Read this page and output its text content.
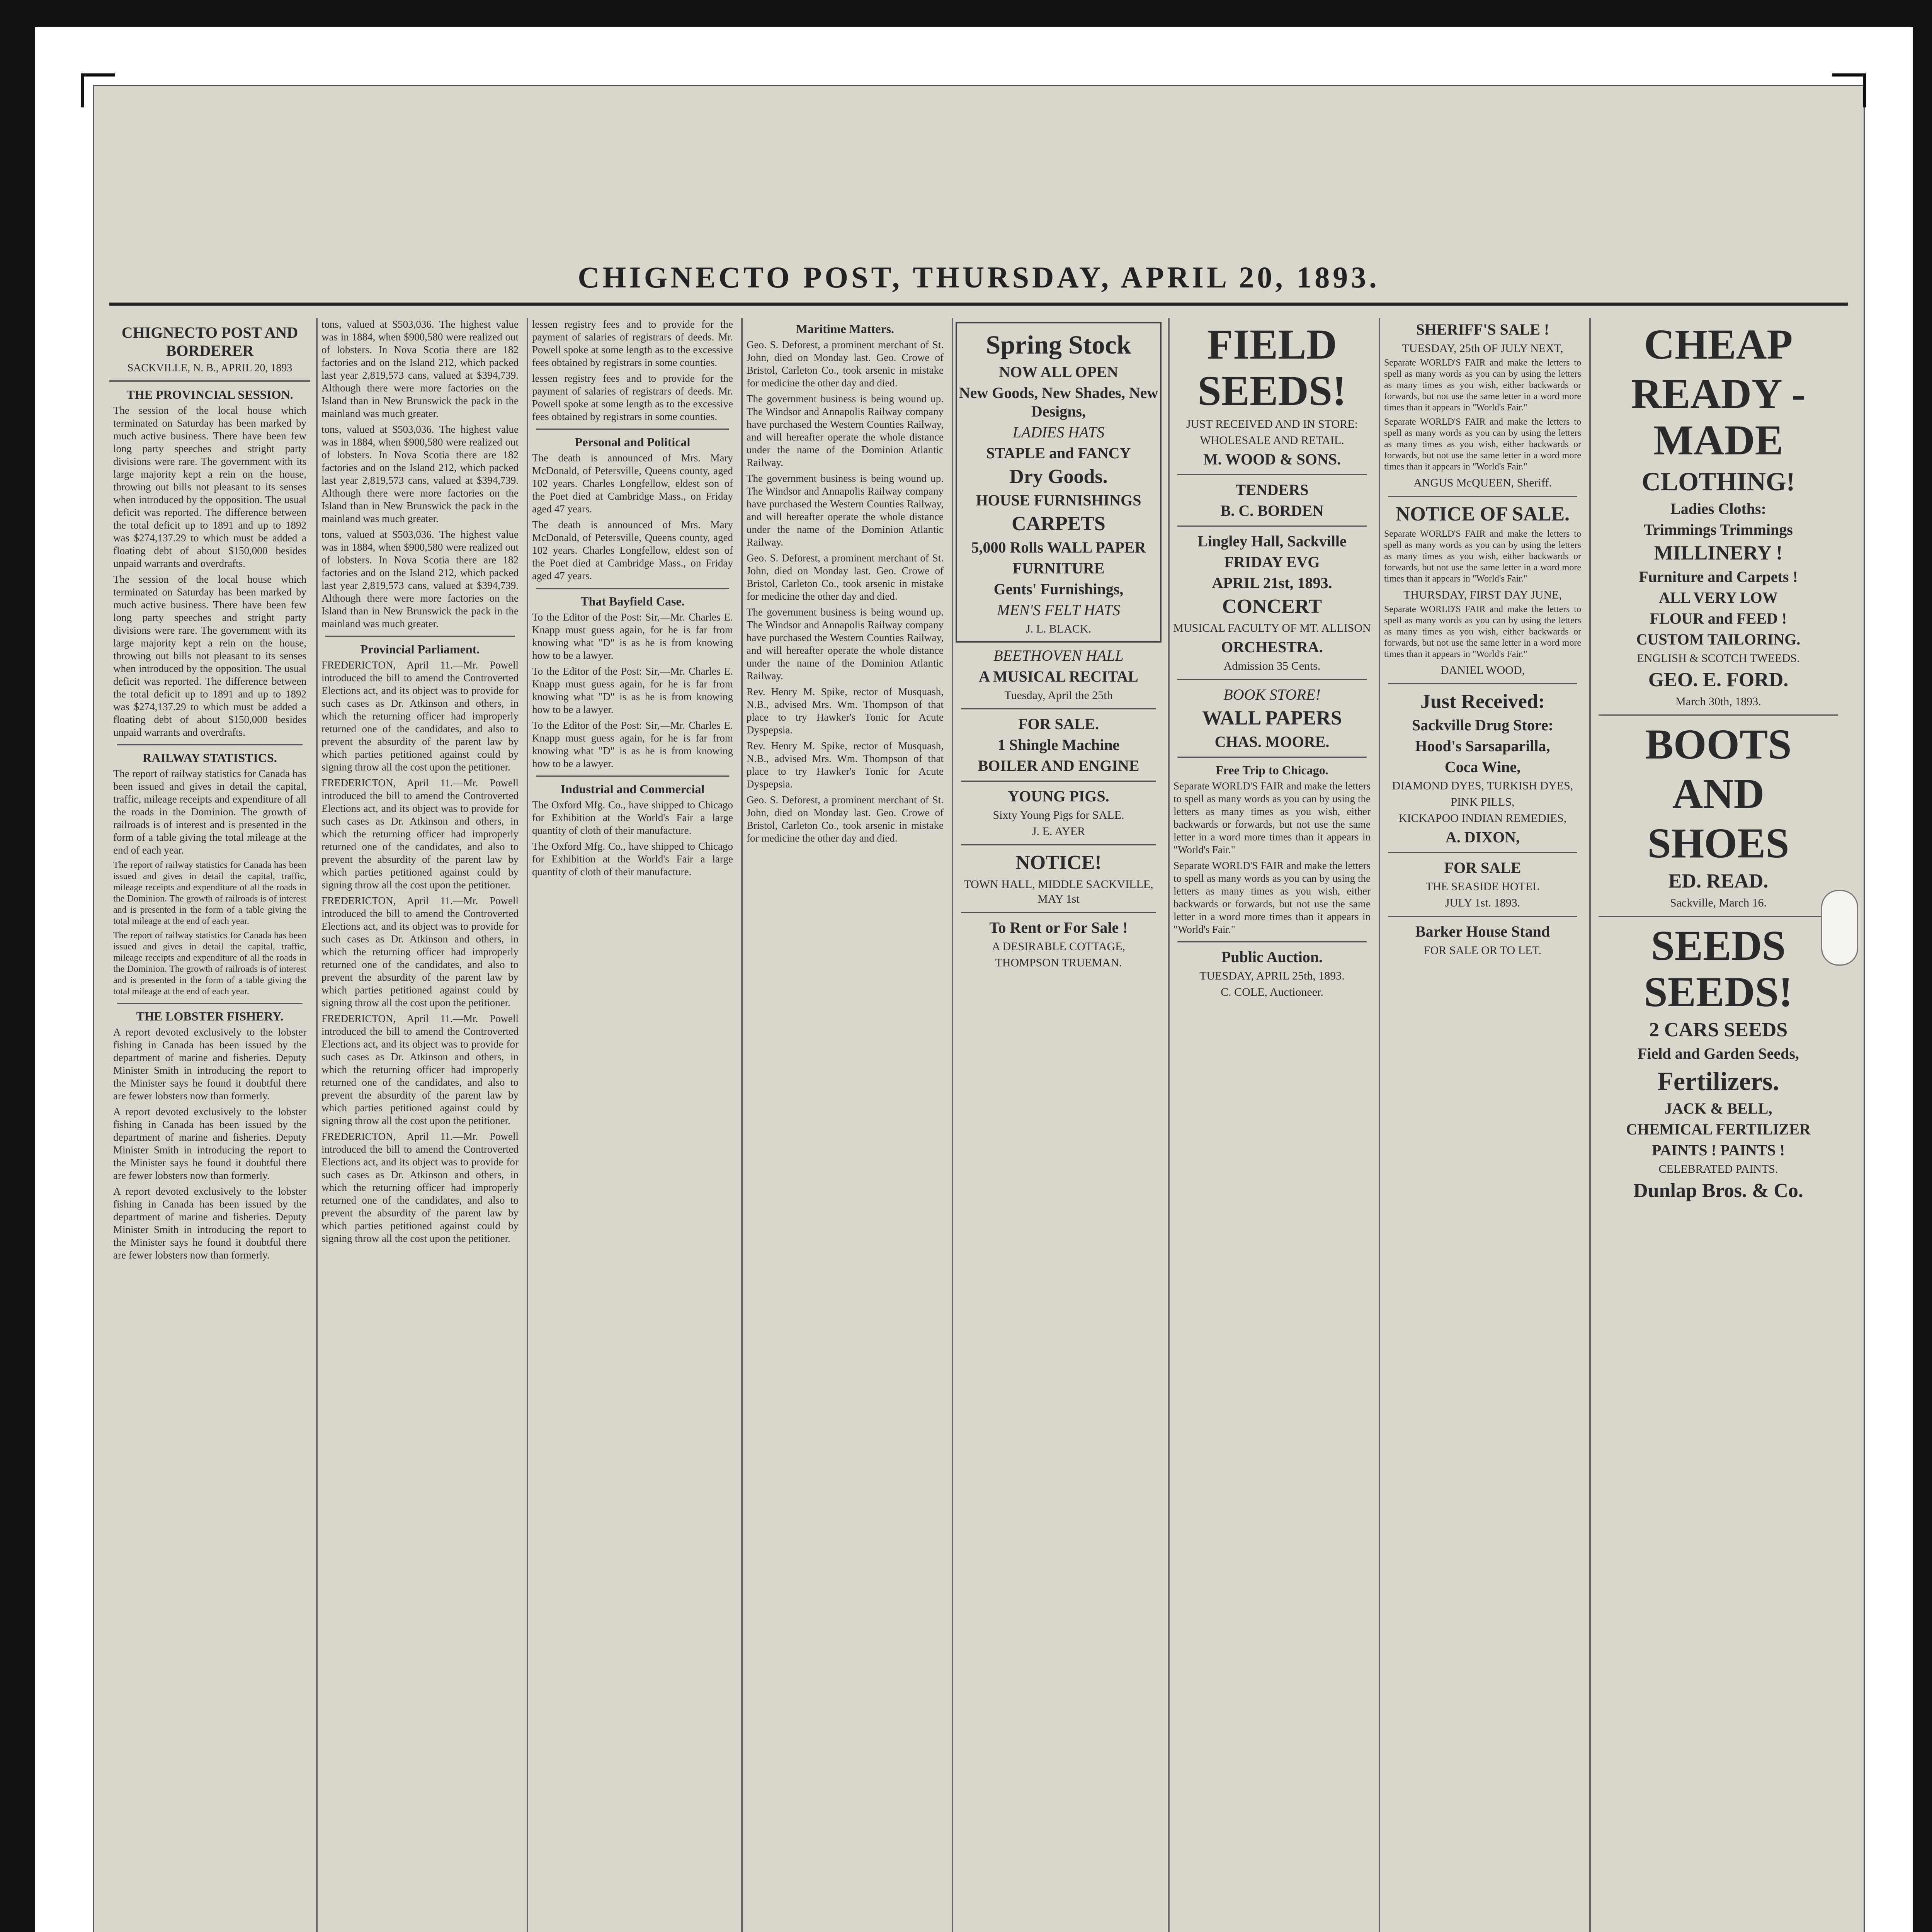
CHIGNECTO POST, THURSDAY, APRIL 20, 1893.
CHIGNECTO POST AND BORDERER
SACKVILLE, N. B., APRIL 20, 1893
THE PROVINCIAL SESSION.

The session of the local house which terminated on Saturday has been marked by much active business. There have been few long party speeches and stright party divisions were rare. The government with its large majority kept a rein on the house, throwing out bills not pleasant to its senses when introduced by the opposition. The usual deficit was reported. The difference between the total deficit up to 1891 and up to 1892 was $274,137.29 to which must be added a floating debt of about $150,000 besides unpaid warrants and overdrafts.

The session of the local house which terminated on Saturday has been marked by much active business. There have been few long party speeches and stright party divisions were rare. The government with its large majority kept a rein on the house, throwing out bills not pleasant to its senses when introduced by the opposition. The usual deficit was reported. The difference between the total deficit up to 1891 and up to 1892 was $274,137.29 to which must be added a floating debt of about $150,000 besides unpaid warrants and overdrafts.

RAILWAY STATISTICS.

The report of railway statistics for Canada has been issued and gives in detail the capital, traffic, mileage receipts and expenditure of all the roads in the Dominion. The growth of railroads is of interest and is presented in the form of a table giving the total mileage at the end of each year.

The report of railway statistics for Canada has been issued and gives in detail the capital, traffic, mileage receipts and expenditure of all the roads in the Dominion. The growth of railroads is of interest and is presented in the form of a table giving the total mileage at the end of each year.

The report of railway statistics for Canada has been issued and gives in detail the capital, traffic, mileage receipts and expenditure of all the roads in the Dominion. The growth of railroads is of interest and is presented in the form of a table giving the total mileage at the end of each year.

THE LOBSTER FISHERY.

A report devoted exclusively to the lobster fishing in Canada has been issued by the department of marine and fisheries. Deputy Minister Smith in introducing the report to the Minister says he found it doubtful there are fewer lobsters now than formerly.

A report devoted exclusively to the lobster fishing in Canada has been issued by the department of marine and fisheries. Deputy Minister Smith in introducing the report to the Minister says he found it doubtful there are fewer lobsters now than formerly.

A report devoted exclusively to the lobster fishing in Canada has been issued by the department of marine and fisheries. Deputy Minister Smith in introducing the report to the Minister says he found it doubtful there are fewer lobsters now than formerly.

tons, valued at $503,036. The highest value was in 1884, when $900,580 were realized out of lobsters. In Nova Scotia there are 182 factories and on the Island 212, which packed last year 2,819,573 cans, valued at $394,739. Although there were more factories on the Island than in New Brunswick the pack in the mainland was much greater.

tons, valued at $503,036. The highest value was in 1884, when $900,580 were realized out of lobsters. In Nova Scotia there are 182 factories and on the Island 212, which packed last year 2,819,573 cans, valued at $394,739. Although there were more factories on the Island than in New Brunswick the pack in the mainland was much greater.

tons, valued at $503,036. The highest value was in 1884, when $900,580 were realized out of lobsters. In Nova Scotia there are 182 factories and on the Island 212, which packed last year 2,819,573 cans, valued at $394,739. Although there were more factories on the Island than in New Brunswick the pack in the mainland was much greater.

Provincial Parliament.

FREDERICTON, April 11.—Mr. Powell introduced the bill to amend the Controverted Elections act, and its object was to provide for such cases as Dr. Atkinson and others, in which the returning officer had improperly returned one of the candidates, and also to prevent the absurdity of the parent law by which parties petitioned against could by signing throw all the cost upon the petitioner.

FREDERICTON, April 11.—Mr. Powell introduced the bill to amend the Controverted Elections act, and its object was to provide for such cases as Dr. Atkinson and others, in which the returning officer had improperly returned one of the candidates, and also to prevent the absurdity of the parent law by which parties petitioned against could by signing throw all the cost upon the petitioner.

FREDERICTON, April 11.—Mr. Powell introduced the bill to amend the Controverted Elections act, and its object was to provide for such cases as Dr. Atkinson and others, in which the returning officer had improperly returned one of the candidates, and also to prevent the absurdity of the parent law by which parties petitioned against could by signing throw all the cost upon the petitioner.

FREDERICTON, April 11.—Mr. Powell introduced the bill to amend the Controverted Elections act, and its object was to provide for such cases as Dr. Atkinson and others, in which the returning officer had improperly returned one of the candidates, and also to prevent the absurdity of the parent law by which parties petitioned against could by signing throw all the cost upon the petitioner.

FREDERICTON, April 11.—Mr. Powell introduced the bill to amend the Controverted Elections act, and its object was to provide for such cases as Dr. Atkinson and others, in which the returning officer had improperly returned one of the candidates, and also to prevent the absurdity of the parent law by which parties petitioned against could by signing throw all the cost upon the petitioner.

lessen registry fees and to provide for the payment of salaries of registrars of deeds. Mr. Powell spoke at some length as to the excessive fees obtained by registrars in some counties.

lessen registry fees and to provide for the payment of salaries of registrars of deeds. Mr. Powell spoke at some length as to the excessive fees obtained by registrars in some counties.

Personal and Political

The death is announced of Mrs. Mary McDonald, of Petersville, Queens county, aged 102 years. Charles Longfellow, eldest son of the Poet died at Cambridge Mass., on Friday aged 47 years.

The death is announced of Mrs. Mary McDonald, of Petersville, Queens county, aged 102 years. Charles Longfellow, eldest son of the Poet died at Cambridge Mass., on Friday aged 47 years.

That Bayfield Case.

To the Editor of the Post: Sir,—Mr. Charles E. Knapp must guess again, for he is far from knowing what "D" is as he is from knowing how to be a lawyer.

To the Editor of the Post: Sir,—Mr. Charles E. Knapp must guess again, for he is far from knowing what "D" is as he is from knowing how to be a lawyer.

To the Editor of the Post: Sir,—Mr. Charles E. Knapp must guess again, for he is far from knowing what "D" is as he is from knowing how to be a lawyer.

Industrial and Commercial

The Oxford Mfg. Co., have shipped to Chicago for Exhibition at the World's Fair a large quantity of cloth of their manufacture.

The Oxford Mfg. Co., have shipped to Chicago for Exhibition at the World's Fair a large quantity of cloth of their manufacture.

Maritime Matters.

Geo. S. Deforest, a prominent merchant of St. John, died on Monday last. Geo. Crowe of Bristol, Carleton Co., took arsenic in mistake for medicine the other day and died.

The government business is being wound up. The Windsor and Annapolis Railway company have purchased the Western Counties Railway, and will hereafter operate the whole distance under the name of the Dominion Atlantic Railway.

The government business is being wound up. The Windsor and Annapolis Railway company have purchased the Western Counties Railway, and will hereafter operate the whole distance under the name of the Dominion Atlantic Railway.

Geo. S. Deforest, a prominent merchant of St. John, died on Monday last. Geo. Crowe of Bristol, Carleton Co., took arsenic in mistake for medicine the other day and died.

The government business is being wound up. The Windsor and Annapolis Railway company have purchased the Western Counties Railway, and will hereafter operate the whole distance under the name of the Dominion Atlantic Railway.

Rev. Henry M. Spike, rector of Musquash, N.B., advised Mrs. Wm. Thompson of that place to try Hawker's Tonic for Acute Dyspepsia.

Rev. Henry M. Spike, rector of Musquash, N.B., advised Mrs. Wm. Thompson of that place to try Hawker's Tonic for Acute Dyspepsia.

Geo. S. Deforest, a prominent merchant of St. John, died on Monday last. Geo. Crowe of Bristol, Carleton Co., took arsenic in mistake for medicine the other day and died.

Spring Stock
NOW ALL OPEN
New Goods, New Shades, New Designs,
LADIES HATS
STAPLE and FANCY
Dry Goods.
HOUSE FURNISHINGS
CARPETS
5,000 Rolls WALL PAPER
FURNITURE
Gents' Furnishings,
MEN'S FELT HATS
J. L. BLACK.
BEETHOVEN HALL
A MUSICAL RECITAL
Tuesday, April the 25th
FOR SALE.
1 Shingle Machine
BOILER AND ENGINE
YOUNG PIGS.
Sixty Young Pigs for SALE.
J. E. AYER
NOTICE!
TOWN HALL, MIDDLE SACKVILLE, MAY 1st
To Rent or For Sale !
A DESIRABLE COTTAGE,
THOMPSON TRUEMAN.
FIELD SEEDS!
JUST RECEIVED AND IN STORE:
WHOLESALE AND RETAIL.
M. WOOD & SONS.
TENDERS
B. C. BORDEN
Lingley Hall, Sackville
FRIDAY EVG
APRIL 21st, 1893.
CONCERT
MUSICAL FACULTY OF MT. ALLISON
ORCHESTRA.
Admission 35 Cents.
BOOK STORE!
WALL PAPERS
CHAS. MOORE.
Free Trip to Chicago.

Separate WORLD'S FAIR and make the letters to spell as many words as you can by using the letters as many times as you wish, either backwards or forwards, but not use the same letter in a word more times than it appears in "World's Fair."

Separate WORLD'S FAIR and make the letters to spell as many words as you can by using the letters as many times as you wish, either backwards or forwards, but not use the same letter in a word more times than it appears in "World's Fair."

Public Auction.
TUESDAY, APRIL 25th, 1893.
C. COLE, Auctioneer.
SHERIFF'S SALE !
TUESDAY, 25th OF JULY NEXT,

Separate WORLD'S FAIR and make the letters to spell as many words as you can by using the letters as many times as you wish, either backwards or forwards, but not use the same letter in a word more times than it appears in "World's Fair."

Separate WORLD'S FAIR and make the letters to spell as many words as you can by using the letters as many times as you wish, either backwards or forwards, but not use the same letter in a word more times than it appears in "World's Fair."

ANGUS McQUEEN, Sheriff.
NOTICE OF SALE.

Separate WORLD'S FAIR and make the letters to spell as many words as you can by using the letters as many times as you wish, either backwards or forwards, but not use the same letter in a word more times than it appears in "World's Fair."

THURSDAY, FIRST DAY JUNE,

Separate WORLD'S FAIR and make the letters to spell as many words as you can by using the letters as many times as you wish, either backwards or forwards, but not use the same letter in a word more times than it appears in "World's Fair."

DANIEL WOOD,
Just Received:
Sackville Drug Store:
Hood's Sarsaparilla,
Coca Wine,
DIAMOND DYES, TURKISH DYES,
PINK PILLS,
KICKAPOO INDIAN REMEDIES,
A. DIXON,
FOR SALE
THE SEASIDE HOTEL
JULY 1st. 1893.
Barker House Stand
FOR SALE OR TO LET.
CHEAP
READY - MADE
CLOTHING!
Ladies Cloths:
Trimmings Trimmings
MILLINERY !
Furniture and Carpets !
ALL VERY LOW
FLOUR and FEED !
CUSTOM TAILORING.
ENGLISH & SCOTCH TWEEDS.
GEO. E. FORD.
March 30th, 1893.
BOOTS
AND
SHOES
ED. READ.
Sackville, March 16.
SEEDS SEEDS!
2 CARS SEEDS
Field and Garden Seeds,
Fertilizers.
JACK & BELL,
CHEMICAL FERTILIZER
PAINTS ! PAINTS !
CELEBRATED PAINTS.
Dunlap Bros. & Co.
